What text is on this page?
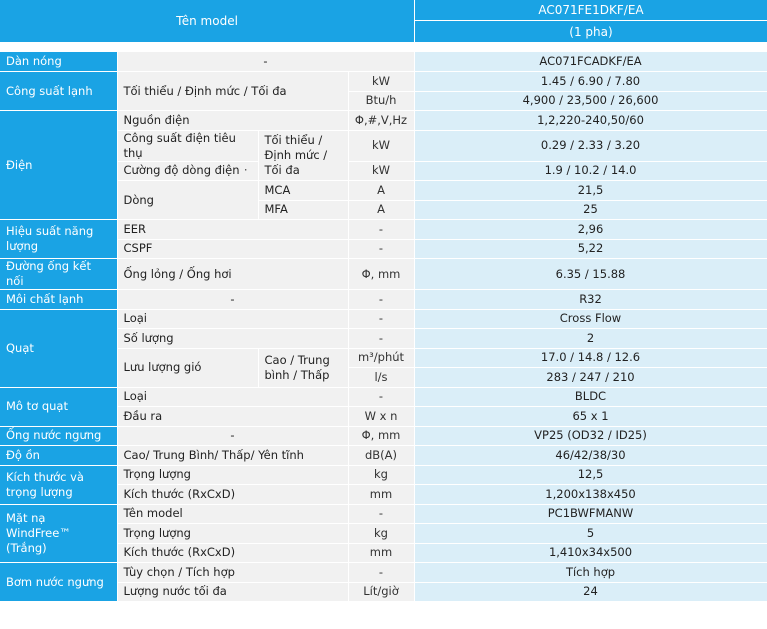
Tên model
AC071FE1DKF/EA
(1 pha)
Dàn nóng	-			AC071FCADKF/EA
Công suất lạnh	Tối thiểu / Định mức / Tối đa		kW	1.45 / 6.90 / 7.80
			Btu/h	4,900 / 23,500 / 26,600
Điện	Nguồn điện		Φ,#,V,Hz	1,2,220-240,50/60
	Công suất điện tiêu thụ	Tối thiểu / Định mức / Tối đa	kW	0.29 / 2.33 / 3.20
	Cường độ dòng điện ·		kW	1.9 / 10.2 / 14.0
	Dòng	MCA	A	21,5
		MFA	A	25
Hiệu suất năng lượng	EER		-	2,96
	CSPF		-	5,22
Đường ống kết nối	Ống lỏng / Ống hơi		Φ, mm	6.35 / 15.88
Môi chất lạnh	-		-	R32
Quạt	Loại		-	Cross Flow
	Số lượng		-	2
	Lưu lượng gió	Cao / Trung bình / Thấp	m³/phút	17.0 / 14.8 / 12.6
			l/s	283 / 247 / 210
Mô tơ quạt	Loại		-	BLDC
	Đầu ra		W x n	65 x 1
Ống nước ngưng	-		Φ, mm	VP25 (OD32 / ID25)
Độ ồn	Cao/ Trung Bình/ Thấp/ Yên tĩnh		dB(A)	46/42/38/30
Kích thước và trọng lượng	Trọng lượng		kg	12,5
	Kích thước (RxCxD)		mm	1,200x138x450
Mặt nạ WindFree™ (Trắng)	Tên model		-	PC1BWFMANW
	Trọng lượng		kg	5
	Kích thước (RxCxD)		mm	1,410x34x500
Bơm nước ngưng	Tùy chọn / Tích hợp		-	Tích hợp
	Lượng nước tối đa		Lít/giờ	24
